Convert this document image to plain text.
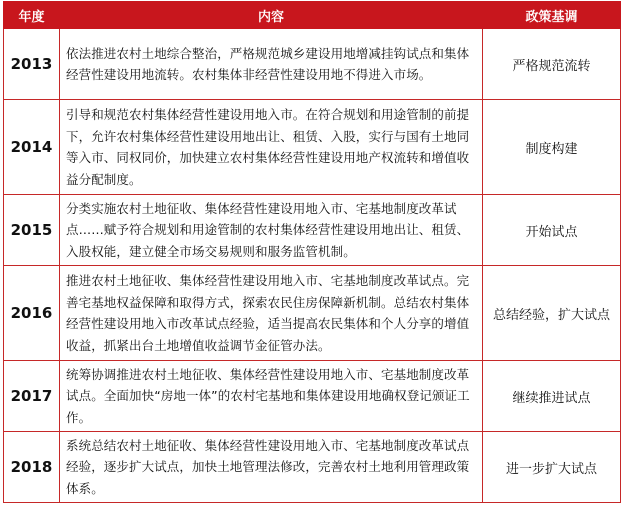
年度	内容	政策基调
2013	依法推进农村土地综合整治，严格规范城乡建设用地增减挂钩试点和集体经营性建设用地流转。农村集体非经营性建设用地不得进入市场。	严格规范流转
2014	引导和规范农村集体经营性建设用地入市。在符合规划和用途管制的前提下，允许农村集体经营性建设用地出让、租赁、入股，实行与国有土地同等入市、同权同价，加快建立农村集体经营性建设用地产权流转和增值收益分配制度。	制度构建
2015	分类实施农村土地征收、集体经营性建设用地入市、宅基地制度改革试点……赋予符合规划和用途管制的农村集体经营性建设用地出让、租赁、入股权能，建立健全市场交易规则和服务监管机制。	开始试点
2016	推进农村土地征收、集体经营性建设用地入市、宅基地制度改革试点。完善宅基地权益保障和取得方式，探索农民住房保障新机制。总结农村集体经营性建设用地入市改革试点经验，适当提高农民集体和个人分享的增值收益，抓紧出台土地增值收益调节金征管办法。	总结经验，扩大试点
2017	统筹协调推进农村土地征收、集体经营性建设用地入市、宅基地制度改革试点。全面加快“房地一体”的农村宅基地和集体建设用地确权登记颁证工作。	继续推进试点
2018	系统总结农村土地征收、集体经营性建设用地入市、宅基地制度改革试点经验，逐步扩大试点，加快土地管理法修改，完善农村土地利用管理政策体系。	进一步扩大试点
